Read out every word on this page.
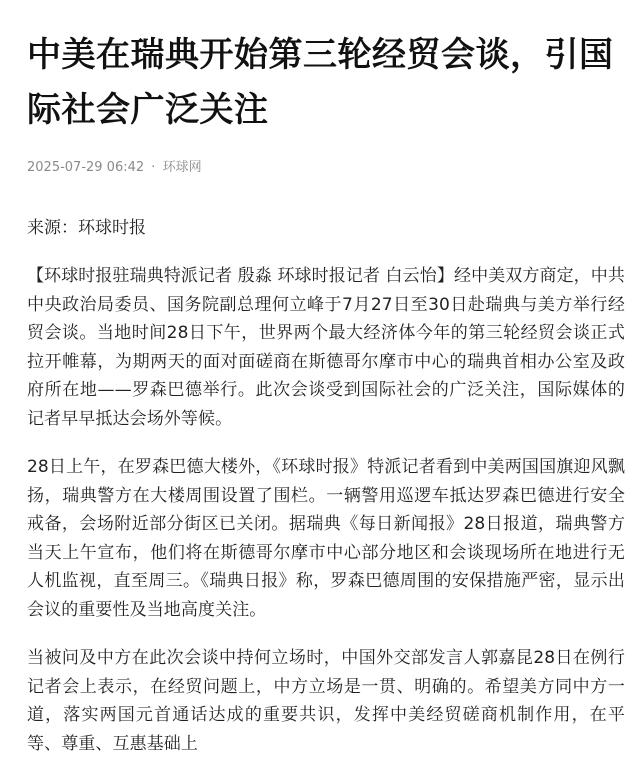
中美在瑞典开始第三轮经贸会谈，引国际社会广泛关注
2025-07-29 06:42 · 环球网
来源：环球时报

【环球时报驻瑞典特派记者 殷淼 环球时报记者 白云怡】经中美双方商定，中共中央政治局委员、国务院副总理何立峰于7月27日至30日赴瑞典与美方举行经贸会谈。当地时间28日下午，世界两个最大经济体今年的第三轮经贸会谈正式拉开帷幕，为期两天的面对面磋商在斯德哥尔摩市中心的瑞典首相办公室及政府所在地——罗森巴德举行。此次会谈受到国际社会的广泛关注，国际媒体的记者早早抵达会场外等候。

28日上午，在罗森巴德大楼外，《环球时报》特派记者看到中美两国国旗迎风飘扬，瑞典警方在大楼周围设置了围栏。一辆警用巡逻车抵达罗森巴德进行安全戒备，会场附近部分街区已关闭。据瑞典《每日新闻报》28日报道，瑞典警方当天上午宣布，他们将在斯德哥尔摩市中心部分地区和会谈现场所在地进行无人机监视，直至周三。《瑞典日报》称，罗森巴德周围的安保措施严密，显示出会议的重要性及当地高度关注。

当被问及中方在此次会谈中持何立场时，中国外交部发言人郭嘉昆28日在例行记者会上表示，在经贸问题上，中方立场是一贯、明确的。希望美方同中方一道，落实两国元首通话达成的重要共识，发挥中美经贸磋商机制作用，在平等、尊重、互惠基础上
